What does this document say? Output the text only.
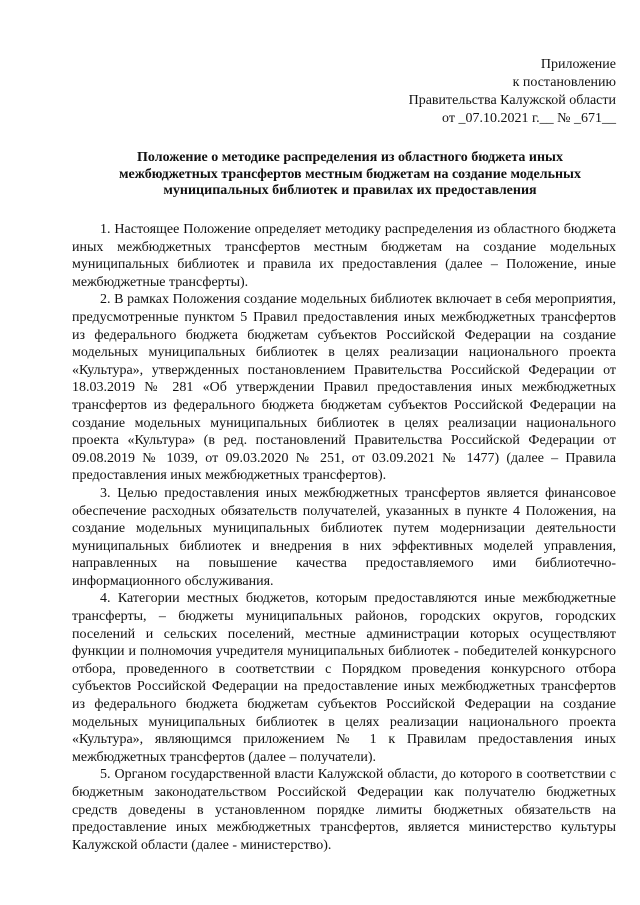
Приложение
к постановлению
Правительства Калужской области
от _07.10.2021 г.__ № _671__
Положение о методике распределения из областного бюджета иных
межбюджетных трансфертов местным бюджетам на создание модельных
муниципальных библиотек и правилах их предоставления

1. Настоящее Положение определяет методику распределения из областного бюджета иных межбюджетных трансфертов местным бюджетам на создание модельных муниципальных библиотек и правила их предоставления (далее – Положение, иные межбюджетные трансферты).

2. В рамках Положения создание модельных библиотек включает в себя мероприятия, предусмотренные пунктом 5 Правил предоставления иных межбюджетных трансфертов из федерального бюджета бюджетам субъектов Российской Федерации на создание модельных муниципальных библиотек в целях реализации национального проекта «Культура», утвержденных постановлением Правительства Российской Федерации от 18.03.2019 № 281 «Об утверждении Правил предоставления иных межбюджетных трансфертов из федерального бюджета бюджетам субъектов Российской Федерации на создание модельных муниципальных библиотек в целях реализации национального проекта «Культура» (в ред. постановлений Правительства Российской Федерации от 09.08.2019 № 1039, от 09.03.2020 № 251, от 03.09.2021 № 1477) (далее – Правила предоставления иных межбюджетных трансфертов).

3. Целью предоставления иных межбюджетных трансфертов является финансовое обеспечение расходных обязательств получателей, указанных в пункте 4 Положения, на создание модельных муниципальных библиотек путем модернизации деятельности муниципальных библиотек и внедрения в них эффективных моделей управления, направленных на повышение качества предоставляемого ими библиотечно-информационного обслуживания.

4. Категории местных бюджетов, которым предоставляются иные межбюджетные трансферты, – бюджеты муниципальных районов, городских округов, городских поселений и сельских поселений, местные администрации которых осуществляют функции и полномочия учредителя муниципальных библиотек - победителей конкурсного отбора, проведенного в соответствии с Порядком проведения конкурсного отбора субъектов Российской Федерации на предоставление иных межбюджетных трансфертов из федерального бюджета бюджетам субъектов Российской Федерации на создание модельных муниципальных библиотек в целях реализации национального проекта «Культура», являющимся приложением № 1 к Правилам предоставления иных межбюджетных трансфертов (далее – получатели).

5. Органом государственной власти Калужской области, до которого в соответствии с бюджетным законодательством Российской Федерации как получателю бюджетных средств доведены в установленном порядке лимиты бюджетных обязательств на предоставление иных межбюджетных трансфертов, является министерство культуры Калужской области (далее - министерство).
